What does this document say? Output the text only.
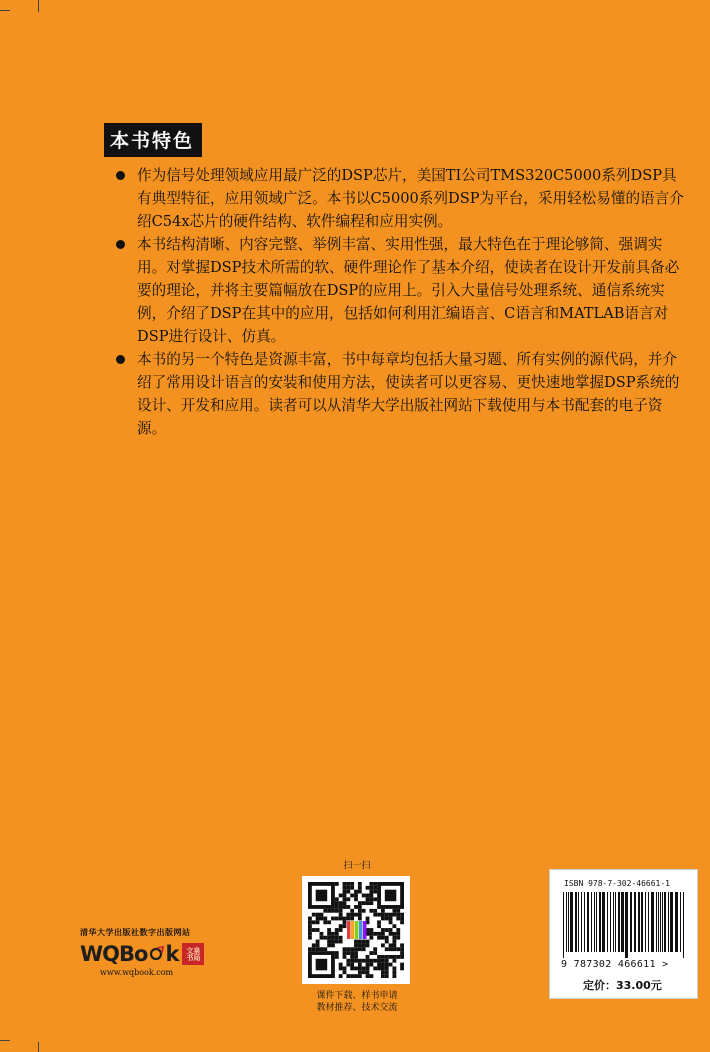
本书特色
作为信号处理领域应用最广泛的DSP芯片，美国TI公司TMS320C5000系列DSP具有典型特征，应用领域广泛。本书以C5000系列DSP为平台，采用轻松易懂的语言介绍C54x芯片的硬件结构、软件编程和应用实例。
本书结构清晰、内容完整、举例丰富、实用性强，最大特色在于理论够简、强调实用。对掌握DSP技术所需的软、硬件理论作了基本介绍，使读者在设计开发前具备必要的理论，并将主要篇幅放在DSP的应用上。引入大量信号处理系统、通信系统实例，介绍了DSP在其中的应用，包括如何利用汇编语言、C语言和MATLAB语言对DSP进行设计、仿真。
本书的另一个特色是资源丰富，书中每章均包括大量习题、所有实例的源代码，并介绍了常用设计语言的安装和使用方法，使读者可以更容易、更快速地掌握DSP系统的设计、开发和应用。读者可以从清华大学出版社网站下载使用与本书配套的电子资源。
清华大学出版社数字出版网站
WQ Bo k	文泉
书局
www.wqbook.com
扫一扫
课件下载、样书申请
教材推荐、技术交流
ISBN 978-7-302-46661-1
9 787302 466611 >
定价：33.00元
